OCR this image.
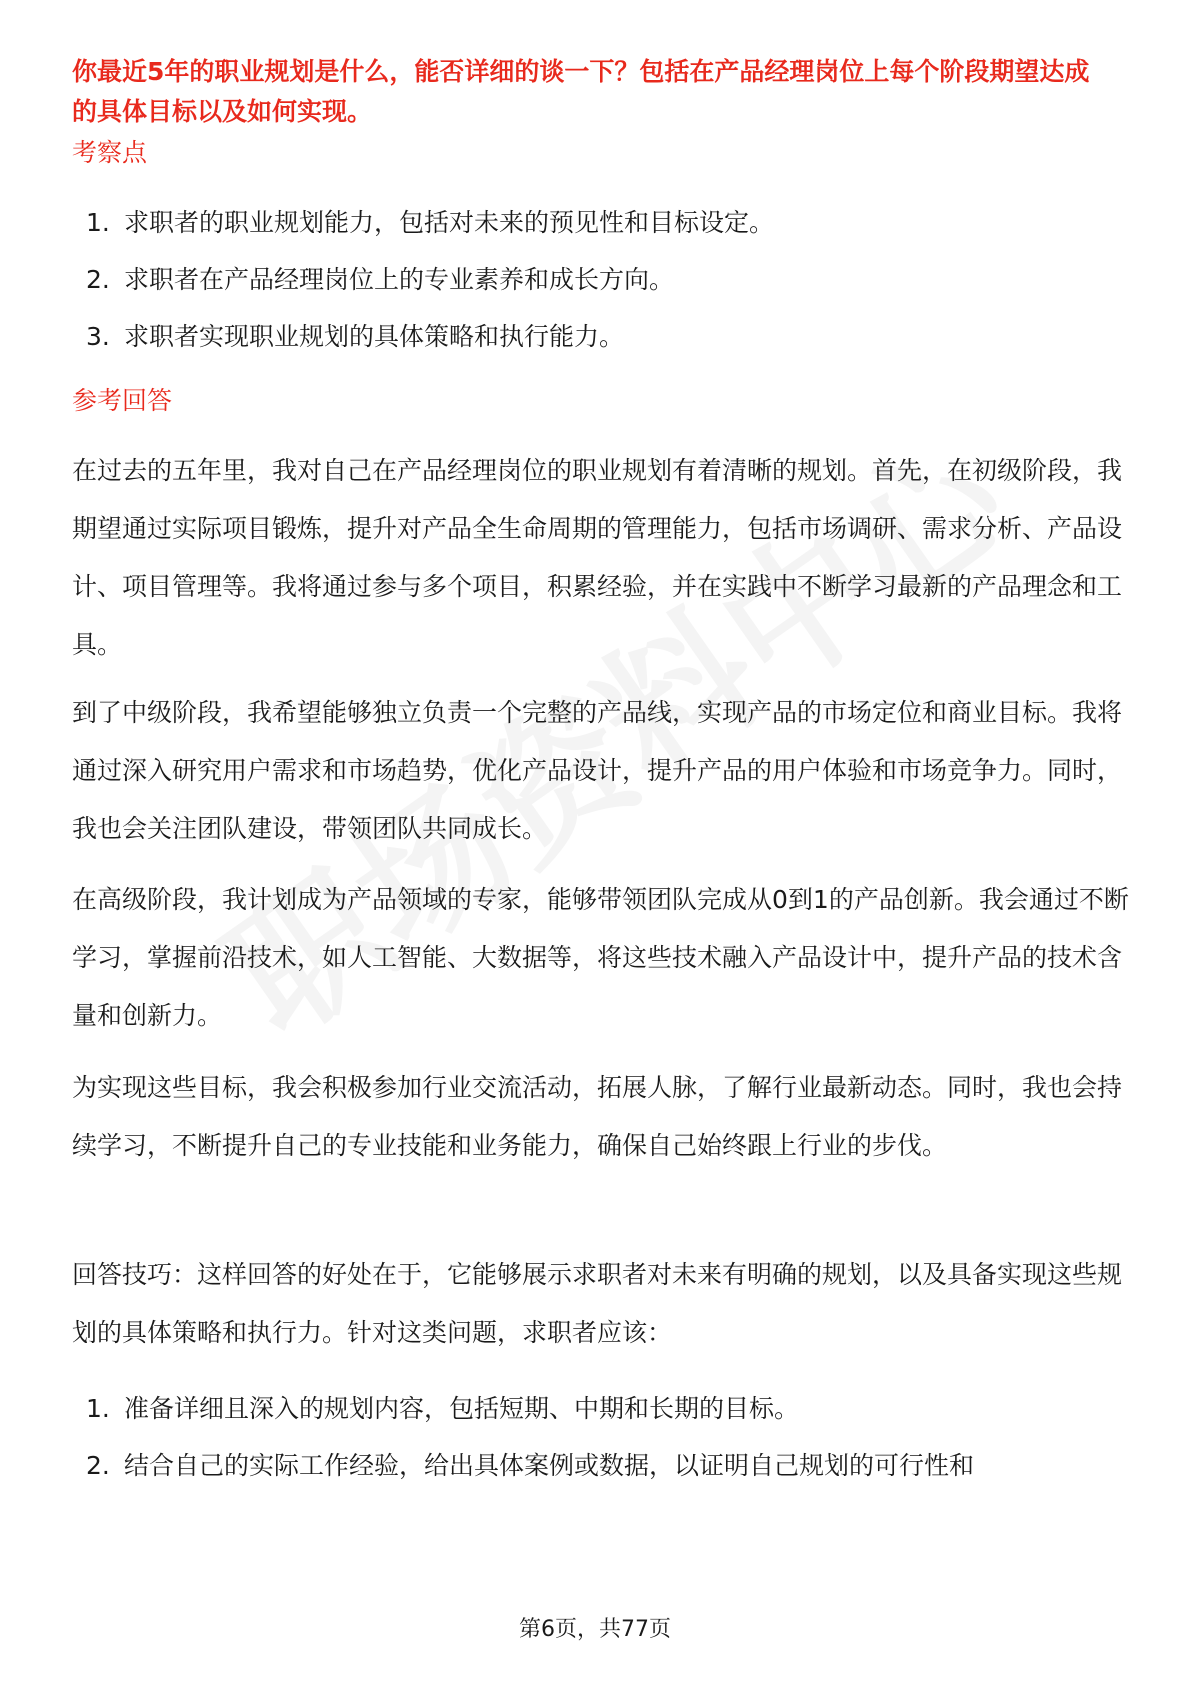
你最近5年的职业规划是什么，能否详细的谈一下？包括在产品经理岗位上每个阶段期望达成的具体目标以及如何实现。
考察点
1. 求职者的职业规划能力，包括对未来的预见性和目标设定。
2. 求职者在产品经理岗位上的专业素养和成长方向。
3. 求职者实现职业规划的具体策略和执行能力。
参考回答

在过去的五年里，我对自己在产品经理岗位的职业规划有着清晰的规划。首先，在初级阶段，我期望通过实际项目锻炼，提升对产品全生命周期的管理能力，包括市场调研、需求分析、产品设计、项目管理等。我将通过参与多个项目，积累经验，并在实践中不断学习最新的产品理念和工具。

到了中级阶段，我希望能够独立负责一个完整的产品线，实现产品的市场定位和商业目标。我将通过深入研究用户需求和市场趋势，优化产品设计，提升产品的用户体验和市场竞争力。同时，我也会关注团队建设，带领团队共同成长。

在高级阶段，我计划成为产品领域的专家，能够带领团队完成从0到1的产品创新。我会通过不断学习，掌握前沿技术，如人工智能、大数据等，将这些技术融入产品设计中，提升产品的技术含量和创新力。

为实现这些目标，我会积极参加行业交流活动，拓展人脉，了解行业最新动态。同时，我也会持续学习，不断提升自己的专业技能和业务能力，确保自己始终跟上行业的步伐。

回答技巧：这样回答的好处在于，它能够展示求职者对未来有明确的规划，以及具备实现这些规划的具体策略和执行力。针对这类问题，求职者应该：

1. 准备详细且深入的规划内容，包括短期、中期和长期的目标。
2. 结合自己的实际工作经验，给出具体案例或数据，以证明自己规划的可行性和
第6页，共77页
